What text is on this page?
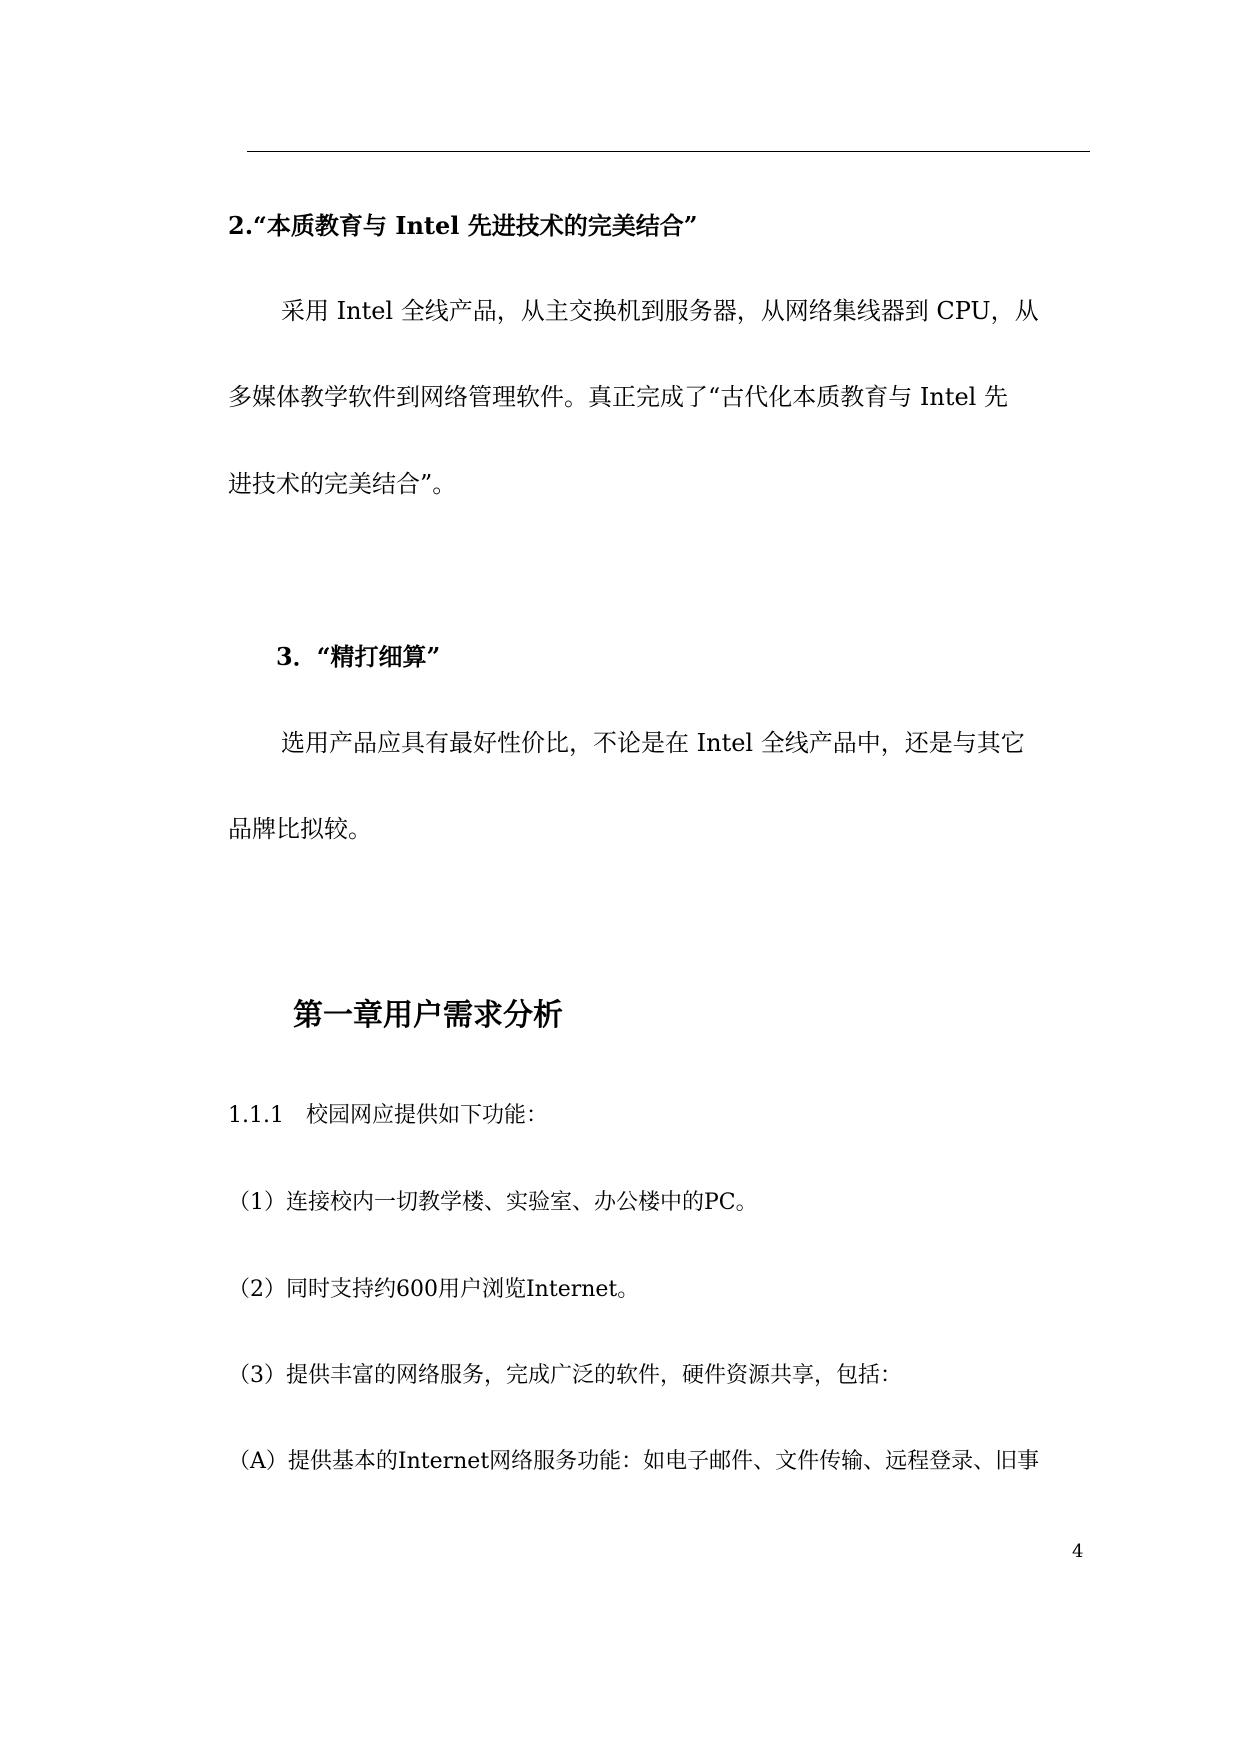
2.“本质教育与 Intel 先进技术的完美结合”
采用 Intel 全线产品，从主交换机到服务器，从网络集线器到 CPU，从
多媒体教学软件到网络管理软件。真正完成了“古代化本质教育与 Intel 先
进技术的完美结合”。
3．“精打细算”
选用产品应具有最好性价比，不论是在 Intel 全线产品中，还是与其它
品牌比拟较。
第一章用户需求分析
1.1.1　校园网应提供如下功能：
（1）连接校内一切教学楼、实验室、办公楼中的PC。
（2）同时支持约600用户浏览Internet。
（3）提供丰富的网络服务，完成广泛的软件，硬件资源共享，包括：
（A）提供基本的Internet网络服务功能：如电子邮件、文件传输、远程登录、旧事
4
